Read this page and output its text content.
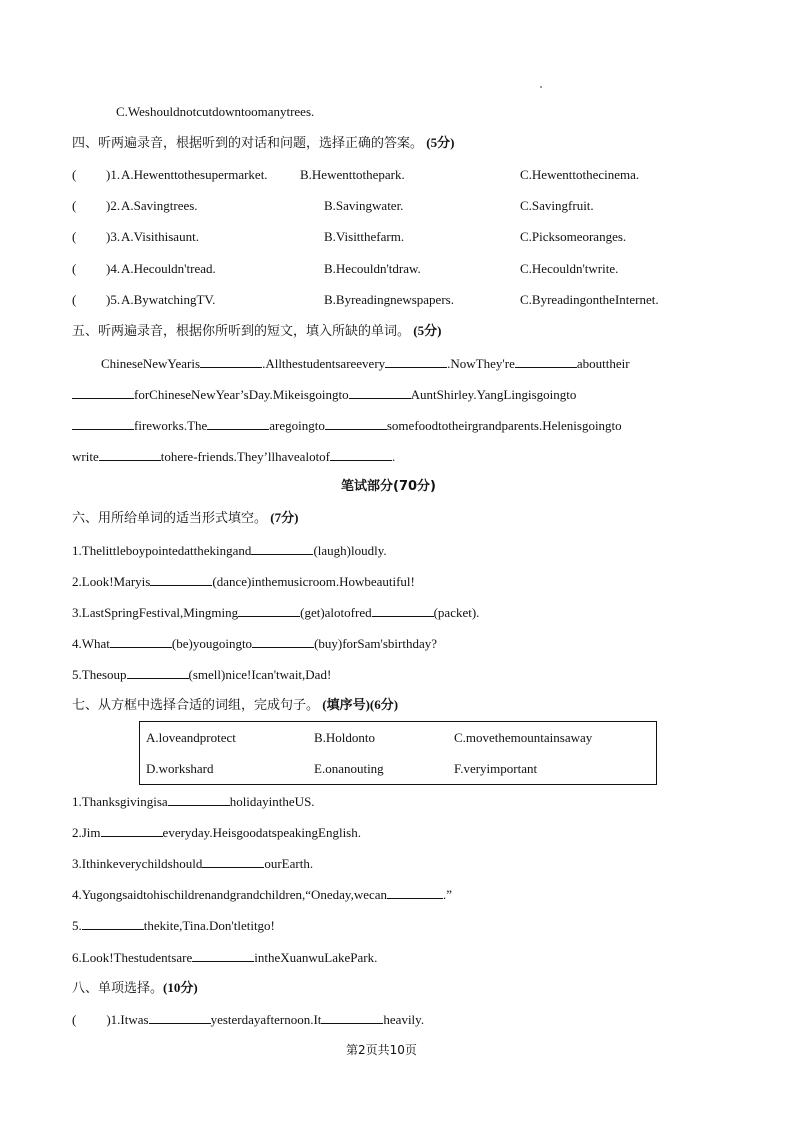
C.Weshouldnotcutdowntoomanytrees.
四、听两遍录音，根据听到的对话和问题，选择正确的答案。 (5分)
( )1. A.Hewenttothesupermarket. B.Hewenttothepark.	C.Hewenttothecinema.
( )2. A.Savingtrees.	B.Savingwater.	C.Savingfruit.
( )3. A.Visithisaunt.	B.Visitthefarm.	C.Picksomeoranges.
( )4. A.Hecouldn'tread.	B.Hecouldn'tdraw.	C.Hecouldn'twrite.
( )5. A.BywatchingTV.	B.Byreadingnewspapers.	C.ByreadingontheInternet.
五、听两遍录音，根据你所听到的短文，填入所缺的单词。 (5分)
ChineseNewYearis	.Allthestudentsareevery	.NowThey're	abouttheir
forChineseNewYear’sDay.Mikeisgoingto	AuntShirley.YangLingisgoingto
fireworks.The	aregoingto	somefoodtotheirgrandparents.Helenisgoingto
write	tohere-friends.They’llhavealotof	.
笔试部分(70分)
六、用所给单词的适当形式填空。 (7分)
1.Thelittleboypointedatthekingand	(laugh)loudly.
2.Look!Maryis	(dance)inthemusicroom.Howbeautiful!
3.LastSpringFestival,Mingming	(get)alotofred	(packet).
4.What	(be)yougoingto	(buy)forSam'sbirthday?
5.Thesoup	(smell)nice!Ican'twait,Dad!
七、从方框中选择合适的词组，完成句子。 (填序号)(6分)
A.loveandprotect	B.Holdonto	C.movethemountainsaway
D.workshard	E.onanouting	F.veryimportant
1.Thanksgivingisa	holidayintheUS.
2.Jim	everyday.HeisgoodatspeakingEnglish.
3.Ithinkeverychildshould	ourEarth.
4.Yugongsaidtohischildrenandgrandchildren,“Oneday,wecan	.”
5.	thekite,Tina.Don'tletitgo!
6.Look!Thestudentsare	intheXuanwuLakePark.
八、单项选择。(10分)
( )1.Itwas	yesterdayafternoon.It	heavily.
第2页共10页
